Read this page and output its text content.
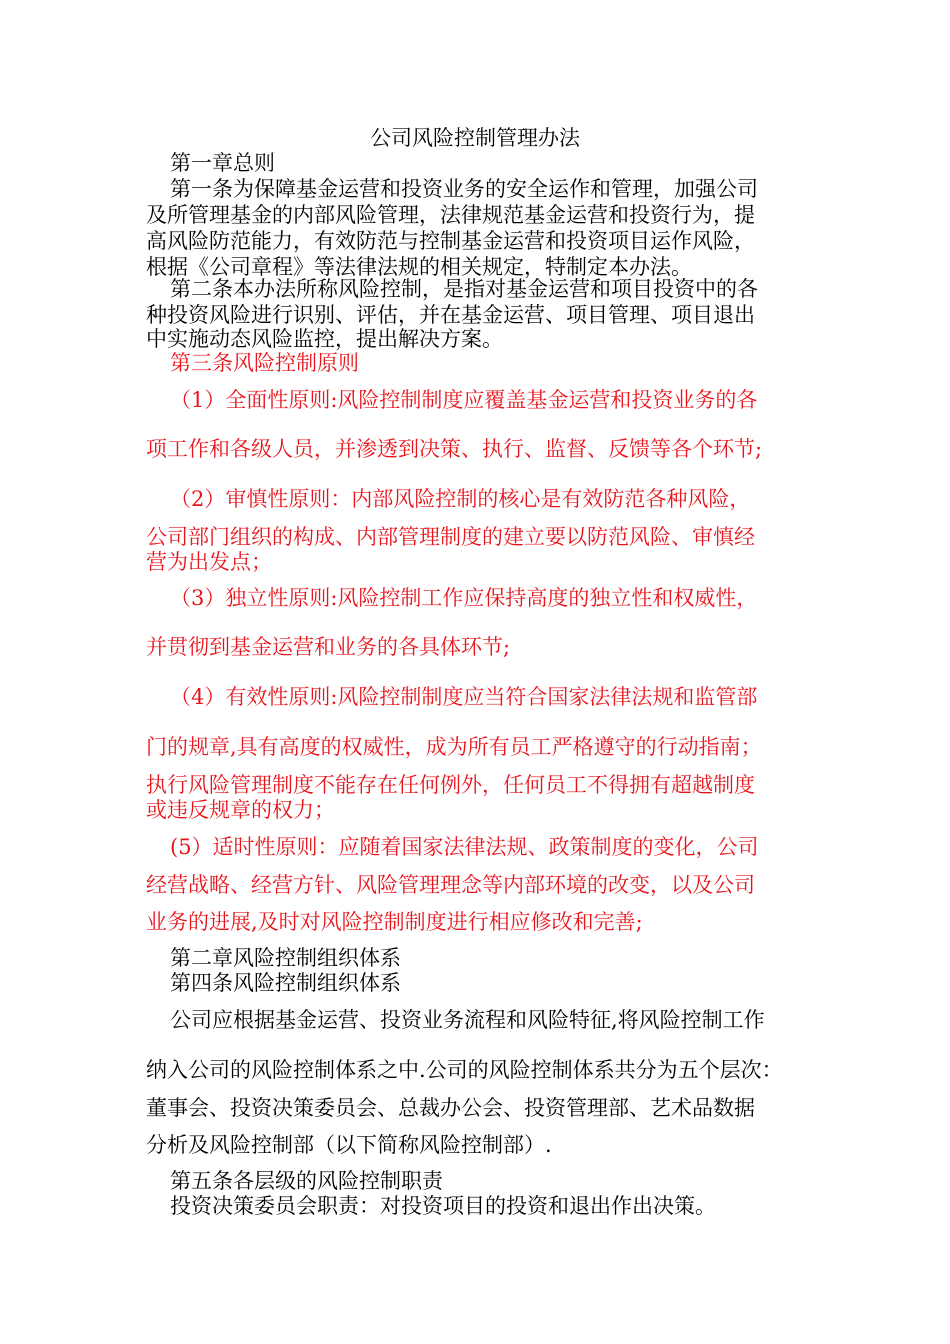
公司风险控制管理办法
第一章总则
第一条为保障基金运营和投资业务的安全运作和管理，加强公司
及所管理基金的内部风险管理，法律规范基金运营和投资行为，提
高风险防范能力，有效防范与控制基金运营和投资项目运作风险，
根据《公司章程》等法律法规的相关规定，特制定本办法。
第二条本办法所称风险控制，是指对基金运营和项目投资中的各
种投资风险进行识别、评估，并在基金运营、项目管理、项目退出
中实施动态风险监控，提出解决方案。
第三条风险控制原则
（1）全面性原则:风险控制制度应覆盖基金运营和投资业务的各
项工作和各级人员，并渗透到决策、执行、监督、反馈等各个环节;
（2）审慎性原则：内部风险控制的核心是有效防范各种风险，
公司部门组织的构成、内部管理制度的建立要以防范风险、审慎经
营为出发点；
（3）独立性原则:风险控制工作应保持高度的独立性和权威性，
并贯彻到基金运营和业务的各具体环节;
（4）有效性原则:风险控制制度应当符合国家法律法规和监管部
门的规章,具有高度的权威性，成为所有员工严格遵守的行动指南；
执行风险管理制度不能存在任何例外，任何员工不得拥有超越制度
或违反规章的权力；
(5）适时性原则：应随着国家法律法规、政策制度的变化，公司
经营战略、经营方针、风险管理理念等内部环境的改变，以及公司
业务的进展,及时对风险控制制度进行相应修改和完善;
第二章风险控制组织体系
第四条风险控制组织体系
公司应根据基金运营、投资业务流程和风险特征,将风险控制工作
纳入公司的风险控制体系之中.公司的风险控制体系共分为五个层次：
董事会、投资决策委员会、总裁办公会、投资管理部、艺术品数据
分析及风险控制部（以下简称风险控制部）.
第五条各层级的风险控制职责
投资决策委员会职责：对投资项目的投资和退出作出决策。
